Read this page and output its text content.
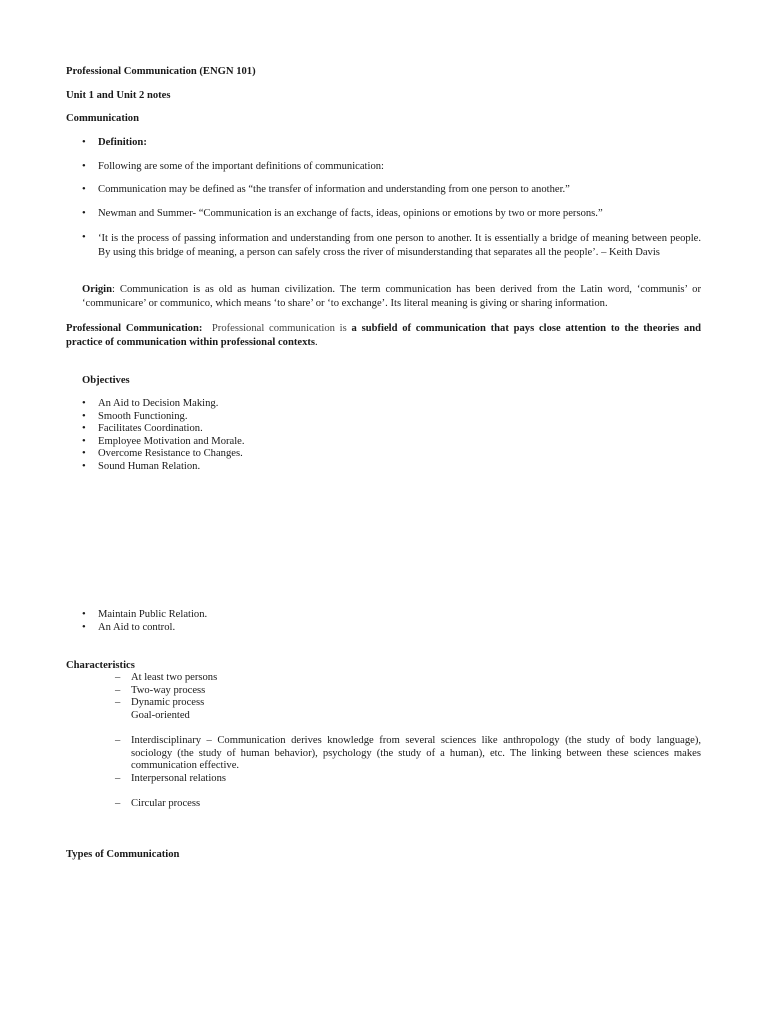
Professional Communication (ENGN 101)
Unit 1 and Unit 2 notes
Communication
• Definition:
• Following are some of the important definitions of communication:
• Communication may be defined as “the transfer of information and understanding from one person to another.”
• Newman and Summer- “Communication is an exchange of facts, ideas, opinions or emotions by two or more persons.”
• ‘It is the process of passing information and understanding from one person to another. It is essentially a bridge of meaning between people. By using this bridge of meaning, a person can safely cross the river of misunderstanding that separates all the people’. – Keith Davis
Origin: Communication is as old as human civilization. The term communication has been derived from the Latin word, ‘communis’ or ‘communicare’ or communico, which means ‘to share’ or ‘to exchange’. Its literal meaning is giving or sharing information.
Professional Communication: Professional communication is a subfield of communication that pays close attention to the theories and practice of communication within professional contexts.
Objectives
• An Aid to Decision Making.
• Smooth Functioning.
• Facilitates Coordination.
• Employee Motivation and Morale.
• Overcome Resistance to Changes.
• Sound Human Relation.
• Maintain Public Relation.
• An Aid to control.
Characteristics
– At least two persons
– Two-way process
– Dynamic process
Goal-oriented
– Interdisciplinary – Communication derives knowledge from several sciences like anthropology (the study of body language), sociology (the study of human behavior), psychology (the study of a human), etc. The linking between these sciences makes communication effective.
– Interpersonal relations
– Circular process
Types of Communication
